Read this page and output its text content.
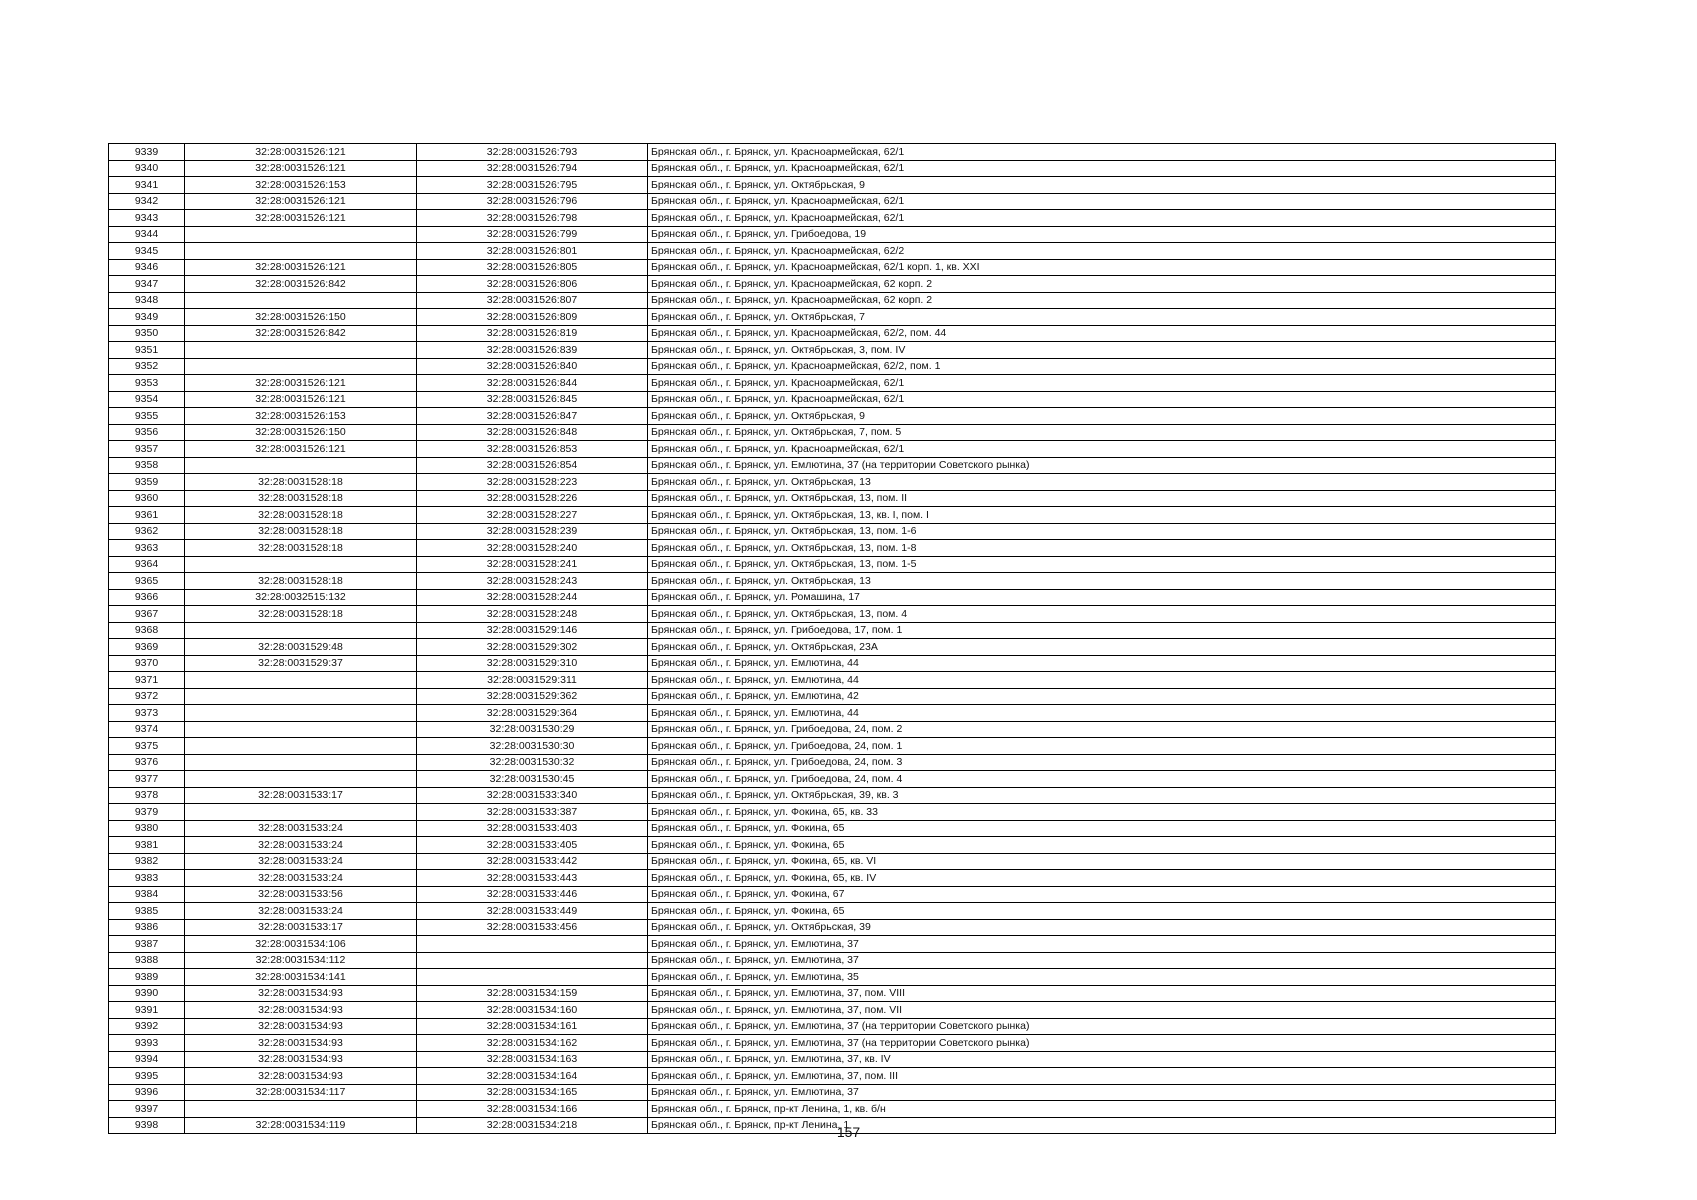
9339	32:28:0031526:121	32:28:0031526:793	Брянская обл., г. Брянск, ул. Красноармейская, 62/1
9340	32:28:0031526:121	32:28:0031526:794	Брянская обл., г. Брянск, ул. Красноармейская, 62/1
9341	32:28:0031526:153	32:28:0031526:795	Брянская обл., г. Брянск, ул. Октябрьская, 9
9342	32:28:0031526:121	32:28:0031526:796	Брянская обл., г. Брянск, ул. Красноармейская, 62/1
9343	32:28:0031526:121	32:28:0031526:798	Брянская обл., г. Брянск, ул. Красноармейская, 62/1
9344		32:28:0031526:799	Брянская обл., г. Брянск, ул. Грибоедова, 19
9345		32:28:0031526:801	Брянская обл., г. Брянск, ул. Красноармейская, 62/2
9346	32:28:0031526:121	32:28:0031526:805	Брянская обл., г. Брянск, ул. Красноармейская, 62/1 корп. 1, кв. XXI
9347	32:28:0031526:842	32:28:0031526:806	Брянская обл., г. Брянск, ул. Красноармейская, 62 корп. 2
9348		32:28:0031526:807	Брянская обл., г. Брянск, ул. Красноармейская, 62 корп. 2
9349	32:28:0031526:150	32:28:0031526:809	Брянская обл., г. Брянск, ул. Октябрьская, 7
9350	32:28:0031526:842	32:28:0031526:819	Брянская обл., г. Брянск, ул. Красноармейская, 62/2, пом. 44
9351		32:28:0031526:839	Брянская обл., г. Брянск, ул. Октябрьская, 3, пом. IV
9352		32:28:0031526:840	Брянская обл., г. Брянск, ул. Красноармейская, 62/2, пом. 1
9353	32:28:0031526:121	32:28:0031526:844	Брянская обл., г. Брянск, ул. Красноармейская, 62/1
9354	32:28:0031526:121	32:28:0031526:845	Брянская обл., г. Брянск, ул. Красноармейская, 62/1
9355	32:28:0031526:153	32:28:0031526:847	Брянская обл., г. Брянск, ул. Октябрьская, 9
9356	32:28:0031526:150	32:28:0031526:848	Брянская обл., г. Брянск, ул. Октябрьская, 7, пом. 5
9357	32:28:0031526:121	32:28:0031526:853	Брянская обл., г. Брянск, ул. Красноармейская, 62/1
9358		32:28:0031526:854	Брянская обл., г. Брянск, ул. Емлютина, 37 (на территории Советского рынка)
9359	32:28:0031528:18	32:28:0031528:223	Брянская обл., г. Брянск, ул. Октябрьская, 13
9360	32:28:0031528:18	32:28:0031528:226	Брянская обл., г. Брянск, ул. Октябрьская, 13, пом. II
9361	32:28:0031528:18	32:28:0031528:227	Брянская обл., г. Брянск, ул. Октябрьская, 13, кв. I, пом. I
9362	32:28:0031528:18	32:28:0031528:239	Брянская обл., г. Брянск, ул. Октябрьская, 13, пом. 1-6
9363	32:28:0031528:18	32:28:0031528:240	Брянская обл., г. Брянск, ул. Октябрьская, 13, пом. 1-8
9364		32:28:0031528:241	Брянская обл., г. Брянск, ул. Октябрьская, 13, пом. 1-5
9365	32:28:0031528:18	32:28:0031528:243	Брянская обл., г. Брянск, ул. Октябрьская, 13
9366	32:28:0032515:132	32:28:0031528:244	Брянская обл., г. Брянск, ул. Ромашина, 17
9367	32:28:0031528:18	32:28:0031528:248	Брянская обл., г. Брянск, ул. Октябрьская, 13, пом. 4
9368		32:28:0031529:146	Брянская обл., г. Брянск, ул. Грибоедова, 17, пом. 1
9369	32:28:0031529:48	32:28:0031529:302	Брянская обл., г. Брянск, ул. Октябрьская, 23А
9370	32:28:0031529:37	32:28:0031529:310	Брянская обл., г. Брянск, ул. Емлютина, 44
9371		32:28:0031529:311	Брянская обл., г. Брянск, ул. Емлютина, 44
9372		32:28:0031529:362	Брянская обл., г. Брянск, ул. Емлютина, 42
9373		32:28:0031529:364	Брянская обл., г. Брянск, ул. Емлютина, 44
9374		32:28:0031530:29	Брянская обл., г. Брянск, ул. Грибоедова, 24, пом. 2
9375		32:28:0031530:30	Брянская обл., г. Брянск, ул. Грибоедова, 24, пом. 1
9376		32:28:0031530:32	Брянская обл., г. Брянск, ул. Грибоедова, 24, пом. 3
9377		32:28:0031530:45	Брянская обл., г. Брянск, ул. Грибоедова, 24, пом. 4
9378	32:28:0031533:17	32:28:0031533:340	Брянская обл., г. Брянск, ул. Октябрьская, 39, кв. 3
9379		32:28:0031533:387	Брянская обл., г. Брянск, ул. Фокина, 65, кв. 33
9380	32:28:0031533:24	32:28:0031533:403	Брянская обл., г. Брянск, ул. Фокина, 65
9381	32:28:0031533:24	32:28:0031533:405	Брянская обл., г. Брянск, ул. Фокина, 65
9382	32:28:0031533:24	32:28:0031533:442	Брянская обл., г. Брянск, ул. Фокина, 65, кв. VI
9383	32:28:0031533:24	32:28:0031533:443	Брянская обл., г. Брянск, ул. Фокина, 65, кв. IV
9384	32:28:0031533:56	32:28:0031533:446	Брянская обл., г. Брянск, ул. Фокина, 67
9385	32:28:0031533:24	32:28:0031533:449	Брянская обл., г. Брянск, ул. Фокина, 65
9386	32:28:0031533:17	32:28:0031533:456	Брянская обл., г. Брянск, ул. Октябрьская, 39
9387	32:28:0031534:106		Брянская обл., г. Брянск, ул. Емлютина, 37
9388	32:28:0031534:112		Брянская обл., г. Брянск, ул. Емлютина, 37
9389	32:28:0031534:141		Брянская обл., г. Брянск, ул. Емлютина, 35
9390	32:28:0031534:93	32:28:0031534:159	Брянская обл., г. Брянск, ул. Емлютина, 37, пом. VIII
9391	32:28:0031534:93	32:28:0031534:160	Брянская обл., г. Брянск, ул. Емлютина, 37, пом. VII
9392	32:28:0031534:93	32:28:0031534:161	Брянская обл., г. Брянск, ул. Емлютина, 37 (на территории Советского рынка)
9393	32:28:0031534:93	32:28:0031534:162	Брянская обл., г. Брянск, ул. Емлютина, 37 (на территории Советского рынка)
9394	32:28:0031534:93	32:28:0031534:163	Брянская обл., г. Брянск, ул. Емлютина, 37, кв. IV
9395	32:28:0031534:93	32:28:0031534:164	Брянская обл., г. Брянск, ул. Емлютина, 37, пом. III
9396	32:28:0031534:117	32:28:0031534:165	Брянская обл., г. Брянск, ул. Емлютина, 37
9397		32:28:0031534:166	Брянская обл., г. Брянск, пр-кт Ленина, 1, кв. б/н
9398	32:28:0031534:119	32:28:0031534:218	Брянская обл., г. Брянск, пр-кт Ленина, 1
157
